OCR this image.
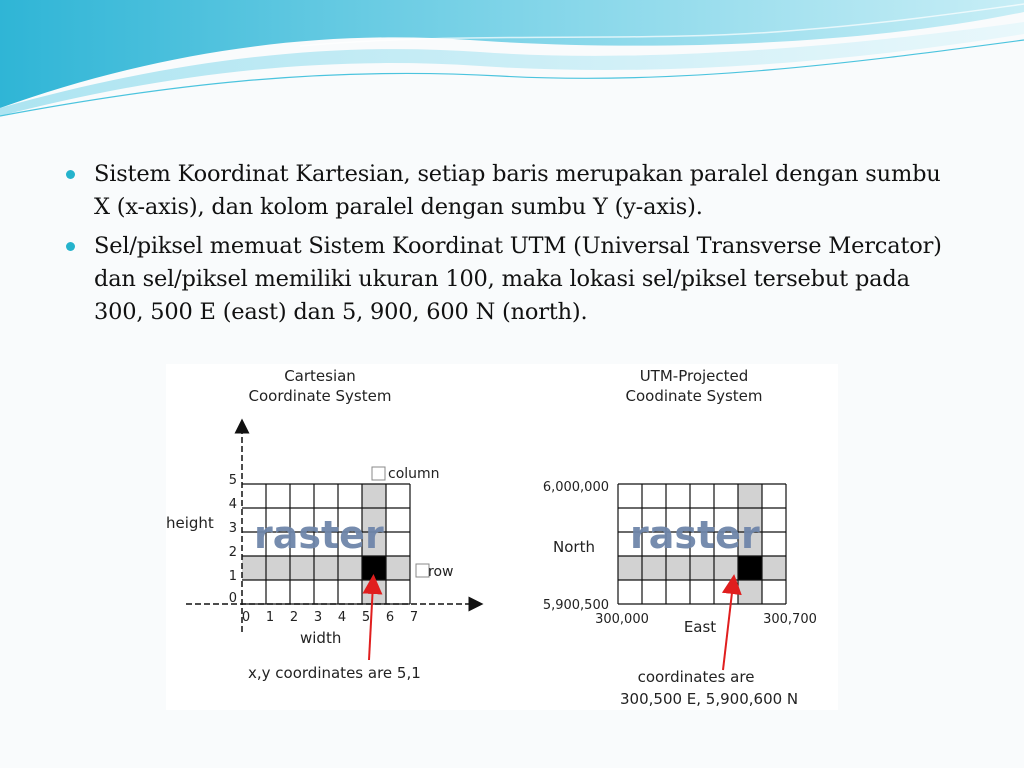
Sistem Koordinat Kartesian, setiap baris merupakan paralel dengan sumbu X (x-axis), dan kolom paralel dengan sumbu Y (y-axis).
Sel/piksel memuat Sistem Koordinat UTM (Universal Transverse Mercator) dan sel/piksel memiliki ukuran 100, maka lokasi sel/piksel tersebut pada 300, 500 E (east) dan 5, 900, 600 N (north).
Cartesian
Coordinate System
0
1
2
3
4
5
0 1 2 3 4 5 6 7
height
width
column
row
raster
x,y coordinates are 5,1
UTM-Projected
Coodinate System
6,000,000
5,900,500
North
300,000	300,700
East
raster
coordinates are
300,500 E, 5,900,600 N
